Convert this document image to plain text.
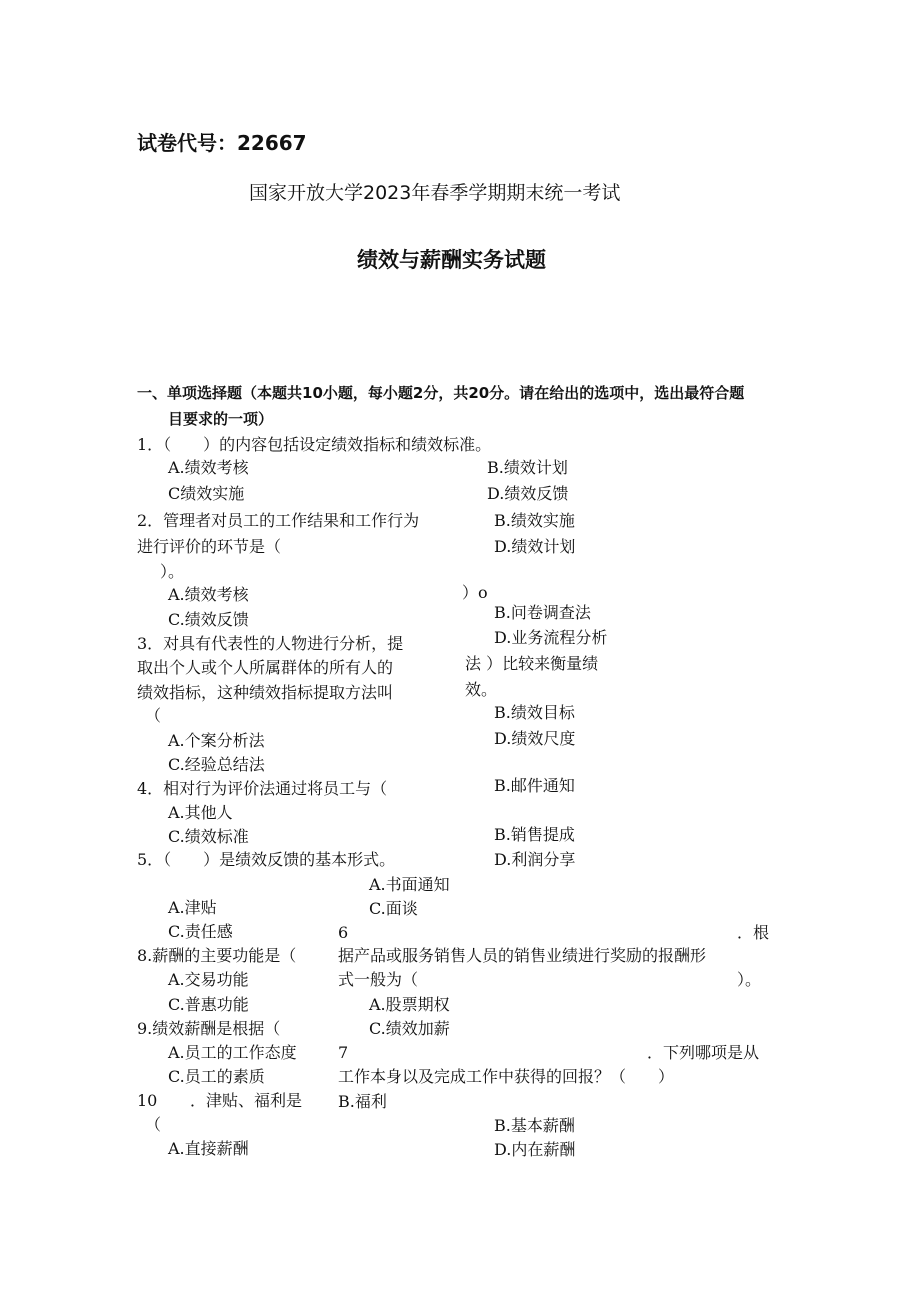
试卷代号：22667
国家开放大学2023年春季学期期末统一考试
绩效与薪酬实务试题
一、单项选择题（本题共10小题，每小题2分，共20分。请在给出的选项中，选出最符合题
目要求的一项）
1．（　　）的内容包括设定绩效指标和绩效标准。
A.绩效考核	B.绩效计划
C绩效实施	D.绩效反馈
2．管理者对员工的工作结果和工作行为	B.绩效实施
进行评价的环节是（	D.绩效计划
）。
A.绩效考核	）o
C.绩效反馈	B.问卷调查法
3．对具有代表性的人物进行分析，提	D.业务流程分析
取出个人或个人所属群体的所有人的	法 ）比较来衡量绩
绩效指标，这种绩效指标提取方法叫	效。
（	B.绩效目标
A.个案分析法	D.绩效尺度
C.经验总结法
4．相对行为评价法通过将员工与（	B.邮件通知
A.其他人
C.绩效标准	B.销售提成
5．（　　）是绩效反馈的基本形式。	D.利润分享
A.书面通知
A.津贴	C.面谈
C.责任感	6	．根
8.薪酬的主要功能是（	据产品或服务销售人员的销售业绩进行奖励的报酬形
A.交易功能	式一般为（	）。
C.普惠功能	A.股票期权
9.绩效薪酬是根据（	C.绩效加薪
A.员工的工作态度	7	．下列哪项是从
C.员工的素质	工作本身以及完成工作中获得的回报？（　　）
10 ．津贴、福利是 B.福利
（	B.基本薪酬
A.直接薪酬	D.内在薪酬
